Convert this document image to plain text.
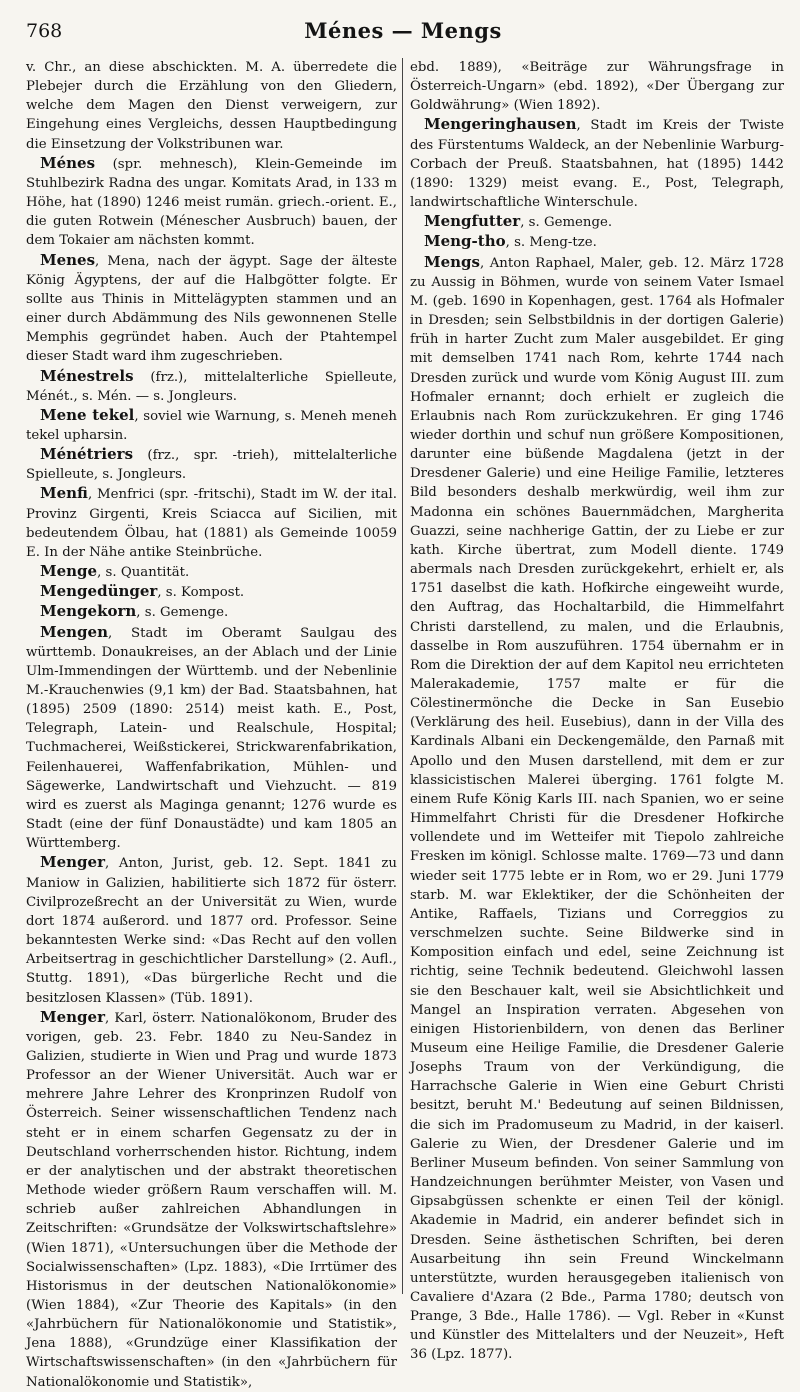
768	Ménes — Mengs

v. Chr., an diese abschickten. M. A. überredete die Plebejer durch die Erzählung von den Gliedern, welche dem Magen den Dienst verweigern, zur Eingehung eines Vergleichs, dessen Hauptbedingung die Einsetzung der Volkstribunen war.

Ménes (spr. mehnesch), Klein-Gemeinde im Stuhlbezirk Radna des ungar. Komitats Arad, in 133 m Höhe, hat (1890) 1246 meist rumän. griech.-orient. E., die guten Rotwein (Ménescher Ausbruch) bauen, der dem Tokaier am nächsten kommt.

Menes, Mena, nach der ägypt. Sage der älteste König Ägyptens, der auf die Halbgötter folgte. Er sollte aus Thinis in Mittelägypten stammen und an einer durch Abdämmung des Nils gewonnenen Stelle Memphis gegründet haben. Auch der Ptahtempel dieser Stadt ward ihm zugeschrieben.

Ménestrels (frz.), mittelalterliche Spielleute, Ménét., s. Mén. — s. Jongleurs.

Mene tekel, soviel wie Warnung, s. Meneh meneh tekel upharsin.

Ménétriers (frz., spr. -trieh), mittelalterliche Spielleute, s. Jongleurs.

Menfi, Menfrici (spr. -fritschi), Stadt im W. der ital. Provinz Girgenti, Kreis Sciacca auf Sicilien, mit bedeutendem Ölbau, hat (1881) als Gemeinde 10059 E. In der Nähe antike Steinbrüche.

Menge, s. Quantität.

Mengedünger, s. Kompost.

Mengekorn, s. Gemenge.

Mengen, Stadt im Oberamt Saulgau des württemb. Donaukreises, an der Ablach und der Linie Ulm-Immendingen der Württemb. und der Nebenlinie M.-Krauchenwies (9,1 km) der Bad. Staatsbahnen, hat (1895) 2509 (1890: 2514) meist kath. E., Post, Telegraph, Latein- und Realschule, Hospital; Tuchmacherei, Weißstickerei, Strickwarenfabrikation, Feilenhauerei, Waffenfabrikation, Mühlen- und Sägewerke, Landwirtschaft und Viehzucht. — 819 wird es zuerst als Maginga genannt; 1276 wurde es Stadt (eine der fünf Donaustädte) und kam 1805 an Württemberg.

Menger, Anton, Jurist, geb. 12. Sept. 1841 zu Maniow in Galizien, habilitierte sich 1872 für österr. Civilprozeßrecht an der Universität zu Wien, wurde dort 1874 außerord. und 1877 ord. Professor. Seine bekanntesten Werke sind: «Das Recht auf den vollen Arbeitsertrag in geschichtlicher Darstellung» (2. Aufl., Stuttg. 1891), «Das bürgerliche Recht und die besitzlosen Klassen» (Tüb. 1891).

Menger, Karl, österr. Nationalökonom, Bruder des vorigen, geb. 23. Febr. 1840 zu Neu-Sandez in Galizien, studierte in Wien und Prag und wurde 1873 Professor an der Wiener Universität. Auch war er mehrere Jahre Lehrer des Kronprinzen Rudolf von Österreich. Seiner wissenschaftlichen Tendenz nach steht er in einem scharfen Gegensatz zu der in Deutschland vorherrschenden histor. Richtung, indem er der analytischen und der abstrakt theoretischen Methode wieder größern Raum verschaffen will. M. schrieb außer zahlreichen Abhandlungen in Zeitschriften: «Grundsätze der Volkswirtschaftslehre» (Wien 1871), «Untersuchungen über die Methode der Socialwissenschaften» (Lpz. 1883), «Die Irrtümer des Historismus in der deutschen Nationalökonomie» (Wien 1884), «Zur Theorie des Kapitals» (in den «Jahrbüchern für Nationalökonomie und Statistik», Jena 1888), «Grundzüge einer Klassifikation der Wirtschaftswissenschaften» (in den «Jahrbüchern für Nationalökonomie und Statistik»,

ebd. 1889), «Beiträge zur Währungsfrage in Österreich-Ungarn» (ebd. 1892), «Der Übergang zur Goldwährung» (Wien 1892).

Mengeringhausen, Stadt im Kreis der Twiste des Fürstentums Waldeck, an der Nebenlinie Warburg-Corbach der Preuß. Staatsbahnen, hat (1895) 1442 (1890: 1329) meist evang. E., Post, Telegraph, landwirtschaftliche Winterschule.

Mengfutter, s. Gemenge.

Meng-tho, s. Meng-tze.

Mengs, Anton Raphael, Maler, geb. 12. März 1728 zu Aussig in Böhmen, wurde von seinem Vater Ismael M. (geb. 1690 in Kopenhagen, gest. 1764 als Hofmaler in Dresden; sein Selbstbildnis in der dortigen Galerie) früh in harter Zucht zum Maler ausgebildet. Er ging mit demselben 1741 nach Rom, kehrte 1744 nach Dresden zurück und wurde vom König August III. zum Hofmaler ernannt; doch erhielt er zugleich die Erlaubnis nach Rom zurückzukehren. Er ging 1746 wieder dorthin und schuf nun größere Kompositionen, darunter eine büßende Magdalena (jetzt in der Dresdener Galerie) und eine Heilige Familie, letzteres Bild besonders deshalb merkwürdig, weil ihm zur Madonna ein schönes Bauernmädchen, Margherita Guazzi, seine nachherige Gattin, der zu Liebe er zur kath. Kirche übertrat, zum Modell diente. 1749 abermals nach Dresden zurückgekehrt, erhielt er, als 1751 daselbst die kath. Hofkirche eingeweiht wurde, den Auftrag, das Hochaltarbild, die Himmelfahrt Christi darstellend, zu malen, und die Erlaubnis, dasselbe in Rom auszuführen. 1754 übernahm er in Rom die Direktion der auf dem Kapitol neu errichteten Malerakademie, 1757 malte er für die Cölestinermönche die Decke in San Eusebio (Verklärung des heil. Eusebius), dann in der Villa des Kardinals Albani ein Deckengemälde, den Parnaß mit Apollo und den Musen darstellend, mit dem er zur klassicistischen Malerei überging. 1761 folgte M. einem Rufe König Karls III. nach Spanien, wo er seine Himmelfahrt Christi für die Dresdener Hofkirche vollendete und im Wetteifer mit Tiepolo zahlreiche Fresken im königl. Schlosse malte. 1769—73 und dann wieder seit 1775 lebte er in Rom, wo er 29. Juni 1779 starb. M. war Eklektiker, der die Schönheiten der Antike, Raffaels, Tizians und Correggios zu verschmelzen suchte. Seine Bildwerke sind in Komposition einfach und edel, seine Zeichnung ist richtig, seine Technik bedeutend. Gleichwohl lassen sie den Beschauer kalt, weil sie Absichtlichkeit und Mangel an Inspiration verraten. Abgesehen von einigen Historienbildern, von denen das Berliner Museum eine Heilige Familie, die Dresdener Galerie Josephs Traum von der Verkündigung, die Harrachsche Galerie in Wien eine Geburt Christi besitzt, beruht M.' Bedeutung auf seinen Bildnissen, die sich im Pradomuseum zu Madrid, in der kaiserl. Galerie zu Wien, der Dresdener Galerie und im Berliner Museum befinden. Von seiner Sammlung von Handzeichnungen berühmter Meister, von Vasen und Gipsabgüssen schenkte er einen Teil der königl. Akademie in Madrid, ein anderer befindet sich in Dresden. Seine ästhetischen Schriften, bei deren Ausarbeitung ihn sein Freund Winckelmann unterstützte, wurden herausgegeben italienisch von Cavaliere d'Azara (2 Bde., Parma 1780; deutsch von Prange, 3 Bde., Halle 1786). — Vgl. Reber in «Kunst und Künstler des Mittelalters und der Neuzeit», Heft 36 (Lpz. 1877).
